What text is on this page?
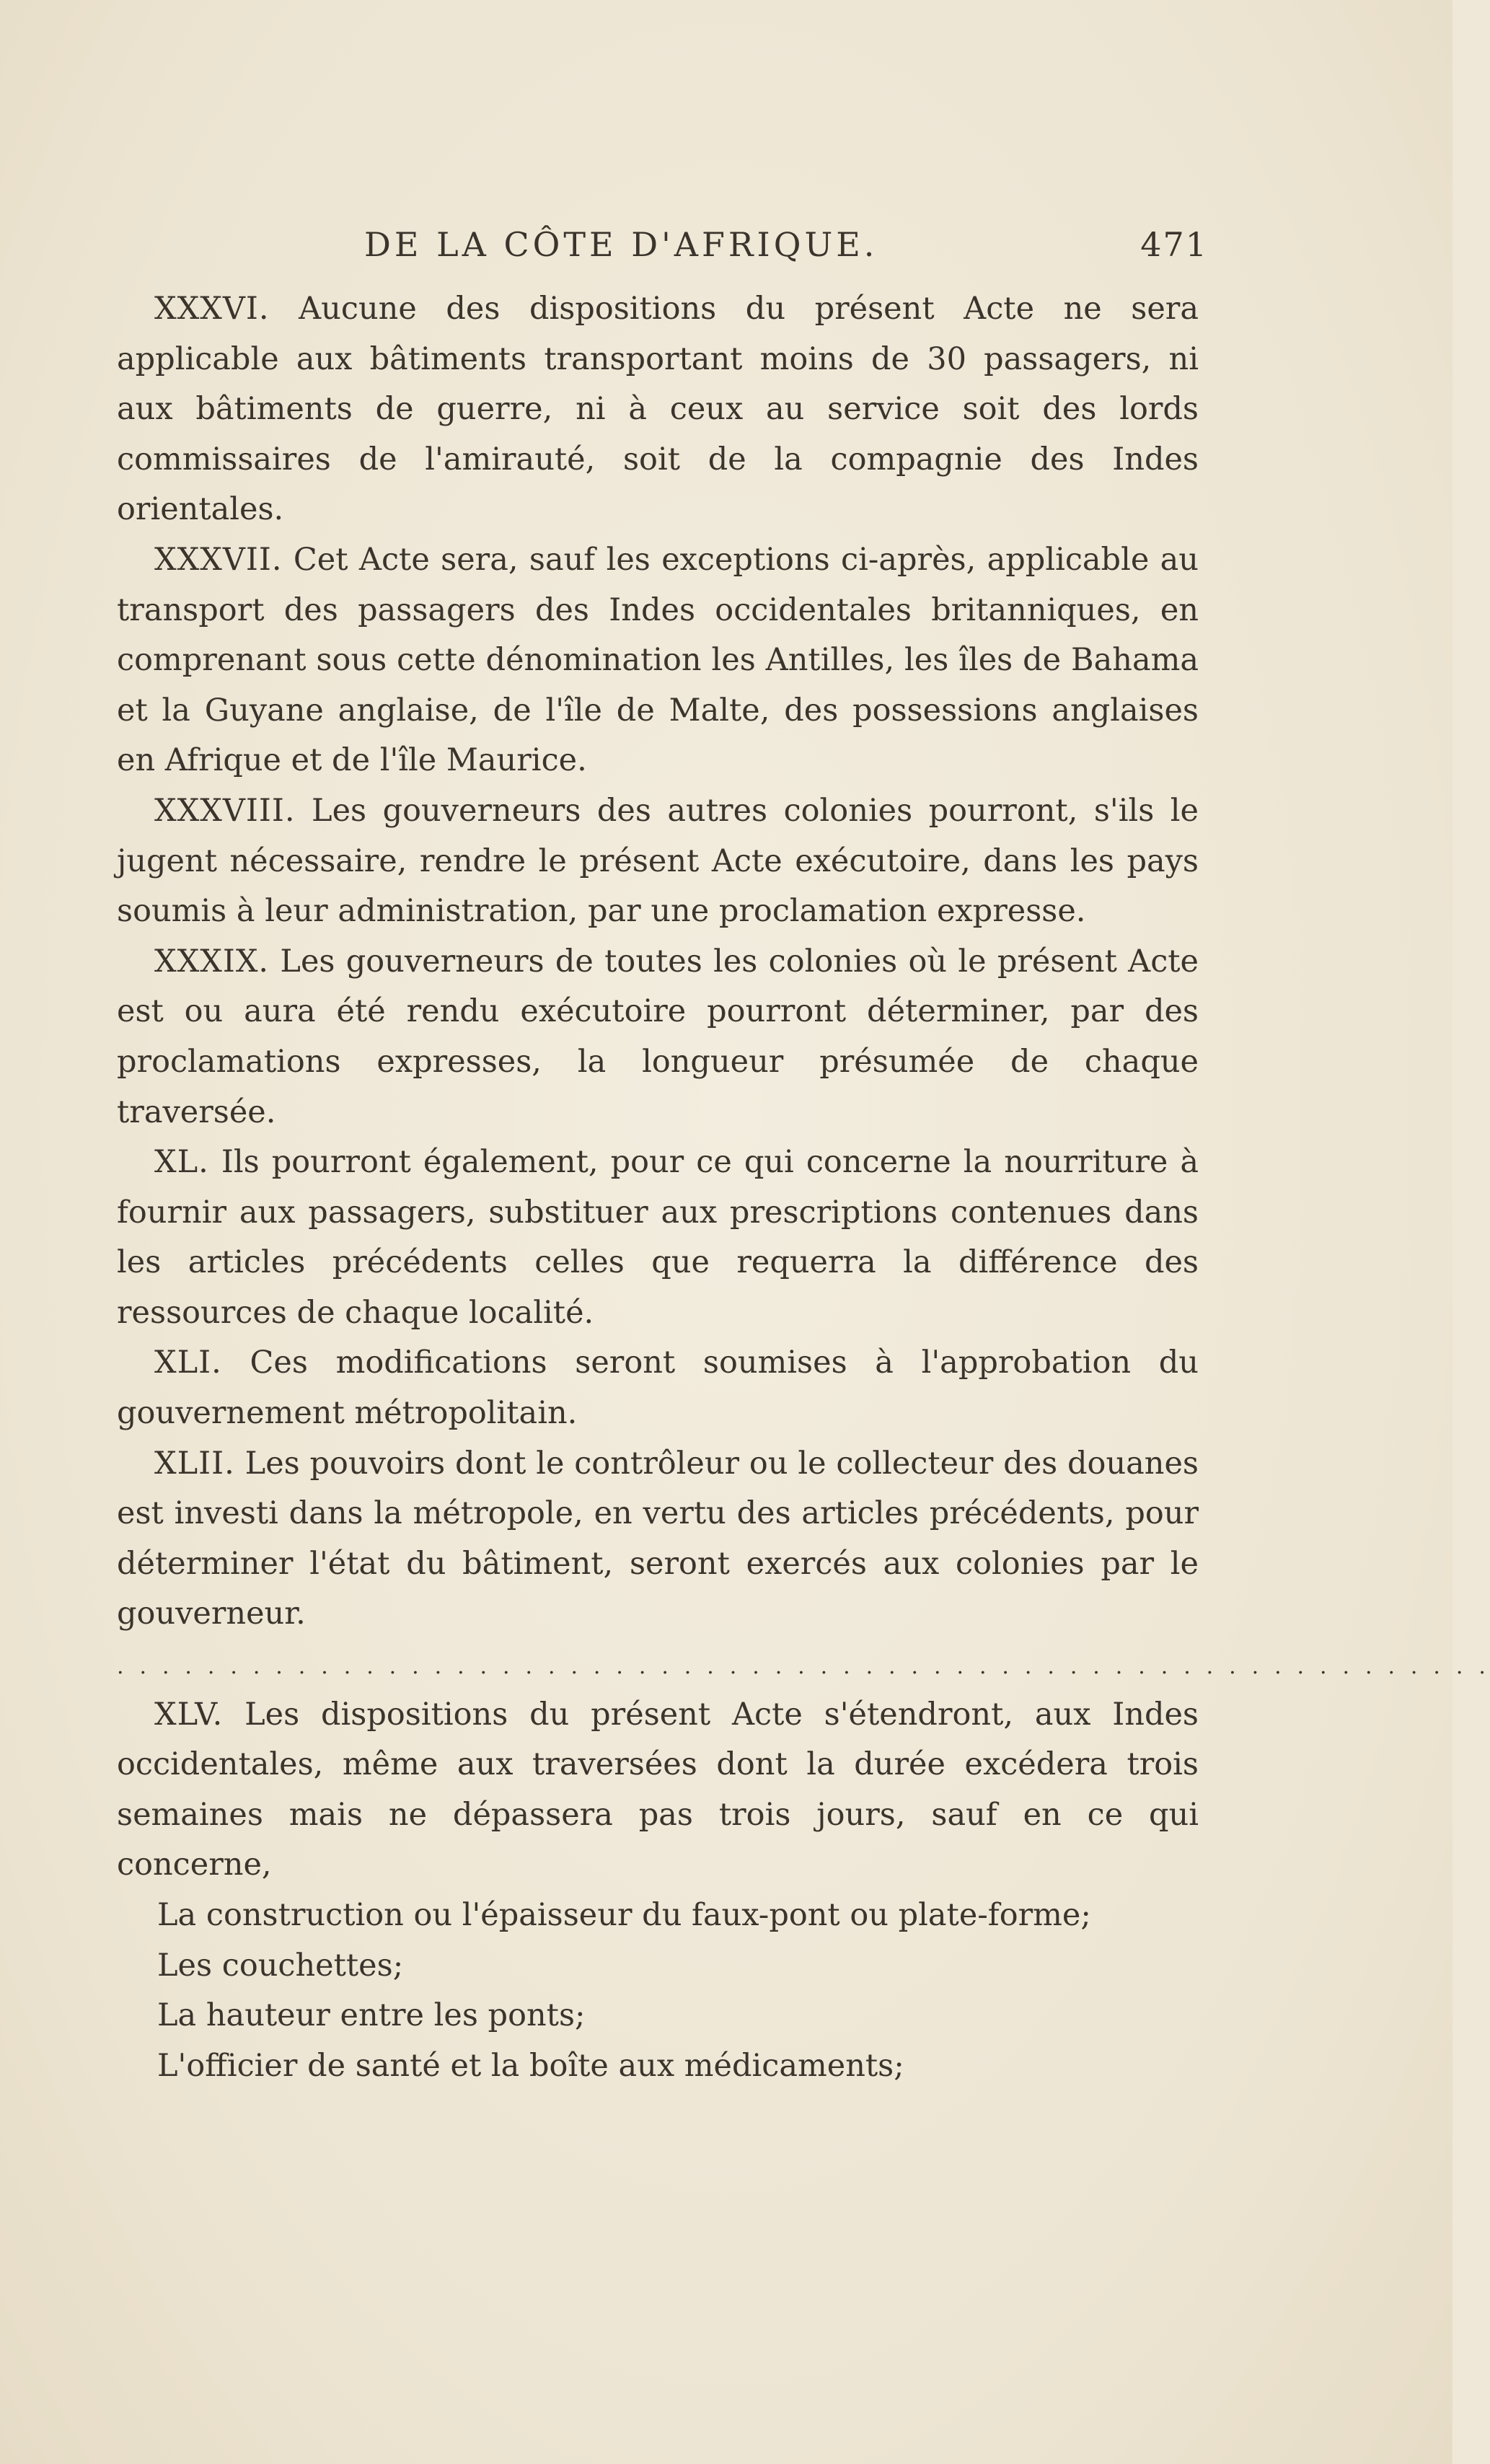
DE LA CÔTE D'AFRIQUE.	471

XXXVI. Aucune des dispositions du présent Acte ne sera applicable aux bâtiments transportant moins de 30 passagers, ni aux bâtiments de guerre, ni à ceux au service soit des lords commissaires de l'amirauté, soit de la compagnie des Indes orientales.

XXXVII. Cet Acte sera, sauf les exceptions ci-après, applicable au transport des passagers des Indes occidentales britanniques, en comprenant sous cette dénomination les Antilles, les îles de Bahama et la Guyane anglaise, de l'île de Malte, des possessions anglaises en Afrique et de l'île Maurice.

XXXVIII. Les gouverneurs des autres colonies pourront, s'ils le jugent nécessaire, rendre le présent Acte exécutoire, dans les pays soumis à leur administration, par une proclamation expresse.

XXXIX. Les gouverneurs de toutes les colonies où le présent Acte est ou aura été rendu exécutoire pourront déterminer, par des proclamations expresses, la longueur présumée de chaque traversée.

XL. Ils pourront également, pour ce qui concerne la nourriture à fournir aux passagers, substituer aux prescriptions contenues dans les articles précédents celles que requerra la différence des ressources de chaque localité.

XLI. Ces modifications seront soumises à l'approbation du gouvernement métropolitain.

XLII. Les pouvoirs dont le contrôleur ou le collecteur des douanes est investi dans la métropole, en vertu des articles précédents, pour déterminer l'état du bâtiment, seront exercés aux colonies par le gouverneur.

. . . . . . . . . . . . . . . . . . . . . . . . . . . . . . . . . . . . . . . . . . . . . . . . . . . . . . . . . . . . .

XLV. Les dispositions du présent Acte s'étendront, aux Indes occidentales, même aux traversées dont la durée excédera trois semaines mais ne dépassera pas trois jours, sauf en ce qui concerne,

La construction ou l'épaisseur du faux-pont ou plate-forme;

Les couchettes;

La hauteur entre les ponts;

L'officier de santé et la boîte aux médicaments;
